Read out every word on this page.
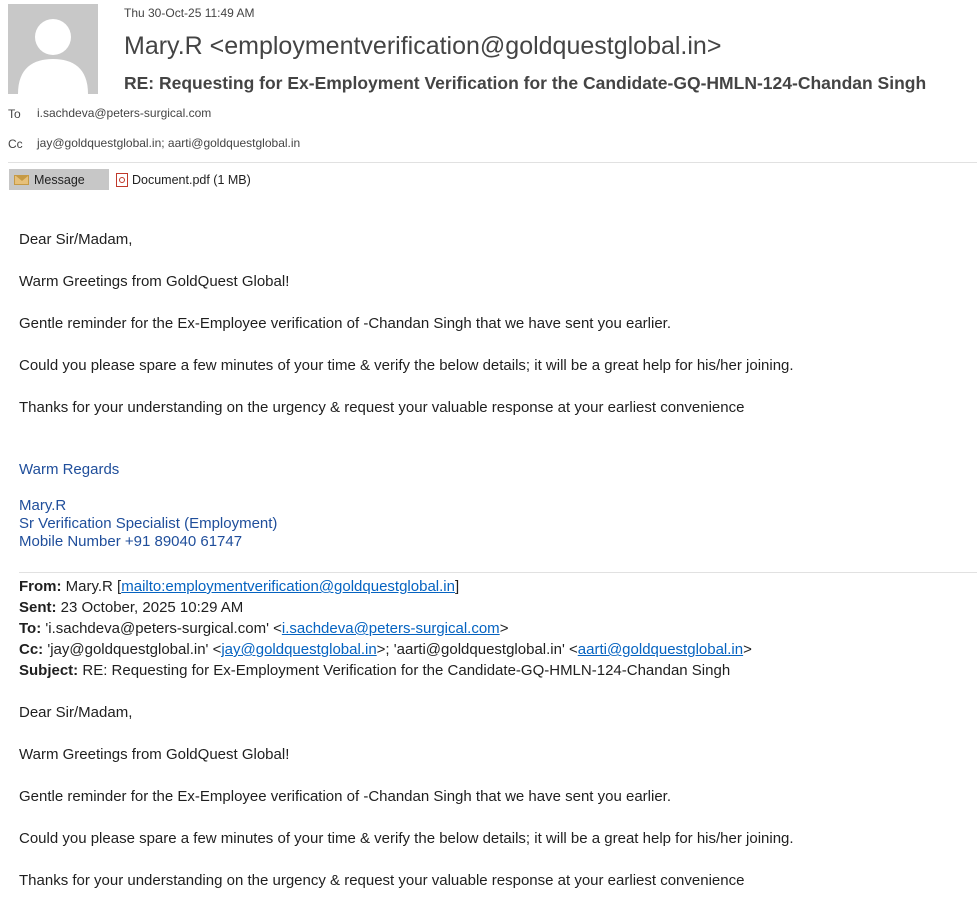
Thu 30-Oct-25 11:49 AM
Mary.R <employmentverification@goldquestglobal.in>
RE: Requesting for Ex-Employment Verification for the Candidate-GQ-HMLN-124-Chandan Singh
To i.sachdeva@peters-surgical.com
Cc jay@goldquestglobal.in; aarti@goldquestglobal.in
Message	Document.pdf (1 MB)
Dear Sir/Madam,
Warm Greetings from GoldQuest Global!
Gentle reminder for the Ex-Employee verification of -Chandan Singh that we have sent you earlier.
Could you please spare a few minutes of your time & verify the below details; it will be a great help for his/her joining.
Thanks for your understanding on the urgency & request your valuable response at your earliest convenience
Warm Regards
Mary.R
Sr Verification Specialist (Employment)
Mobile Number +91 89040 61747
From: Mary.R [mailto:employmentverification@goldquestglobal.in]
Sent: 23 October, 2025 10:29 AM
To: 'i.sachdeva@peters-surgical.com' <i.sachdeva@peters-surgical.com>
Cc: 'jay@goldquestglobal.in' <jay@goldquestglobal.in>; 'aarti@goldquestglobal.in' <aarti@goldquestglobal.in>
Subject: RE: Requesting for Ex-Employment Verification for the Candidate-GQ-HMLN-124-Chandan Singh
Dear Sir/Madam,
Warm Greetings from GoldQuest Global!
Gentle reminder for the Ex-Employee verification of -Chandan Singh that we have sent you earlier.
Could you please spare a few minutes of your time & verify the below details; it will be a great help for his/her joining.
Thanks for your understanding on the urgency & request your valuable response at your earliest convenience
